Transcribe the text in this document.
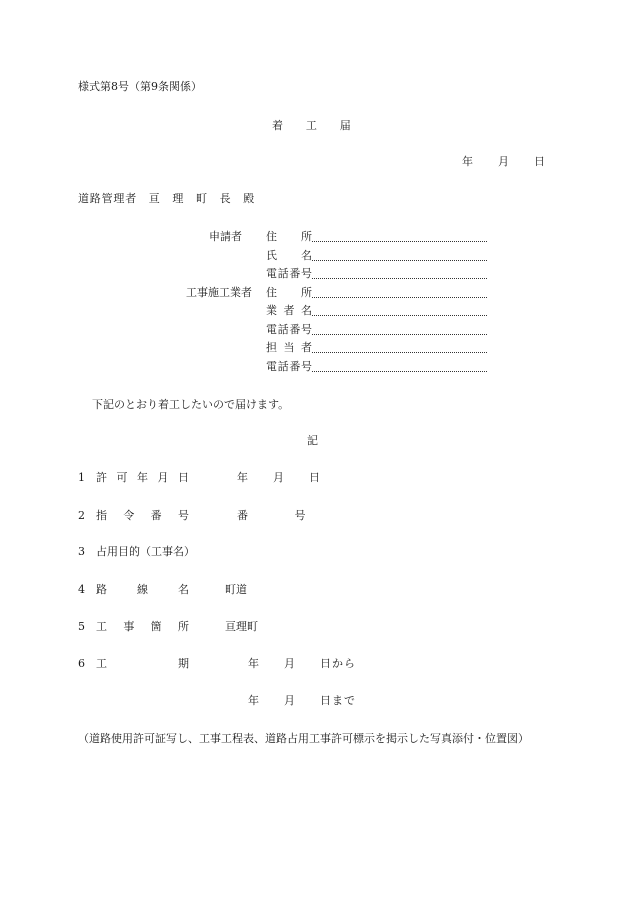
様式第8号（第9条関係）
着　　工　　届
年　　月　　日
道路管理者　亘　理　町　長　殿
申請者 住　　所
氏　　名
電話番号
工事施工業者 住　　所
業 者 名
電話番号
担 当 者
電話番号
下記のとおり着工したいので届けます。
記
1 許 可 年 月 日	年　　月　　日
2 指　令　番　号	番　　　　号
3 占用目的（工事名）
4 路　　線　　名	町道
5 工　事　箇　所	亘理町
6 工　　　　　期	年　　月　　日から
年　　月　　日まで
（道路使用許可証写し、工事工程表、道路占用工事許可標示を掲示した写真添付・位置図）
